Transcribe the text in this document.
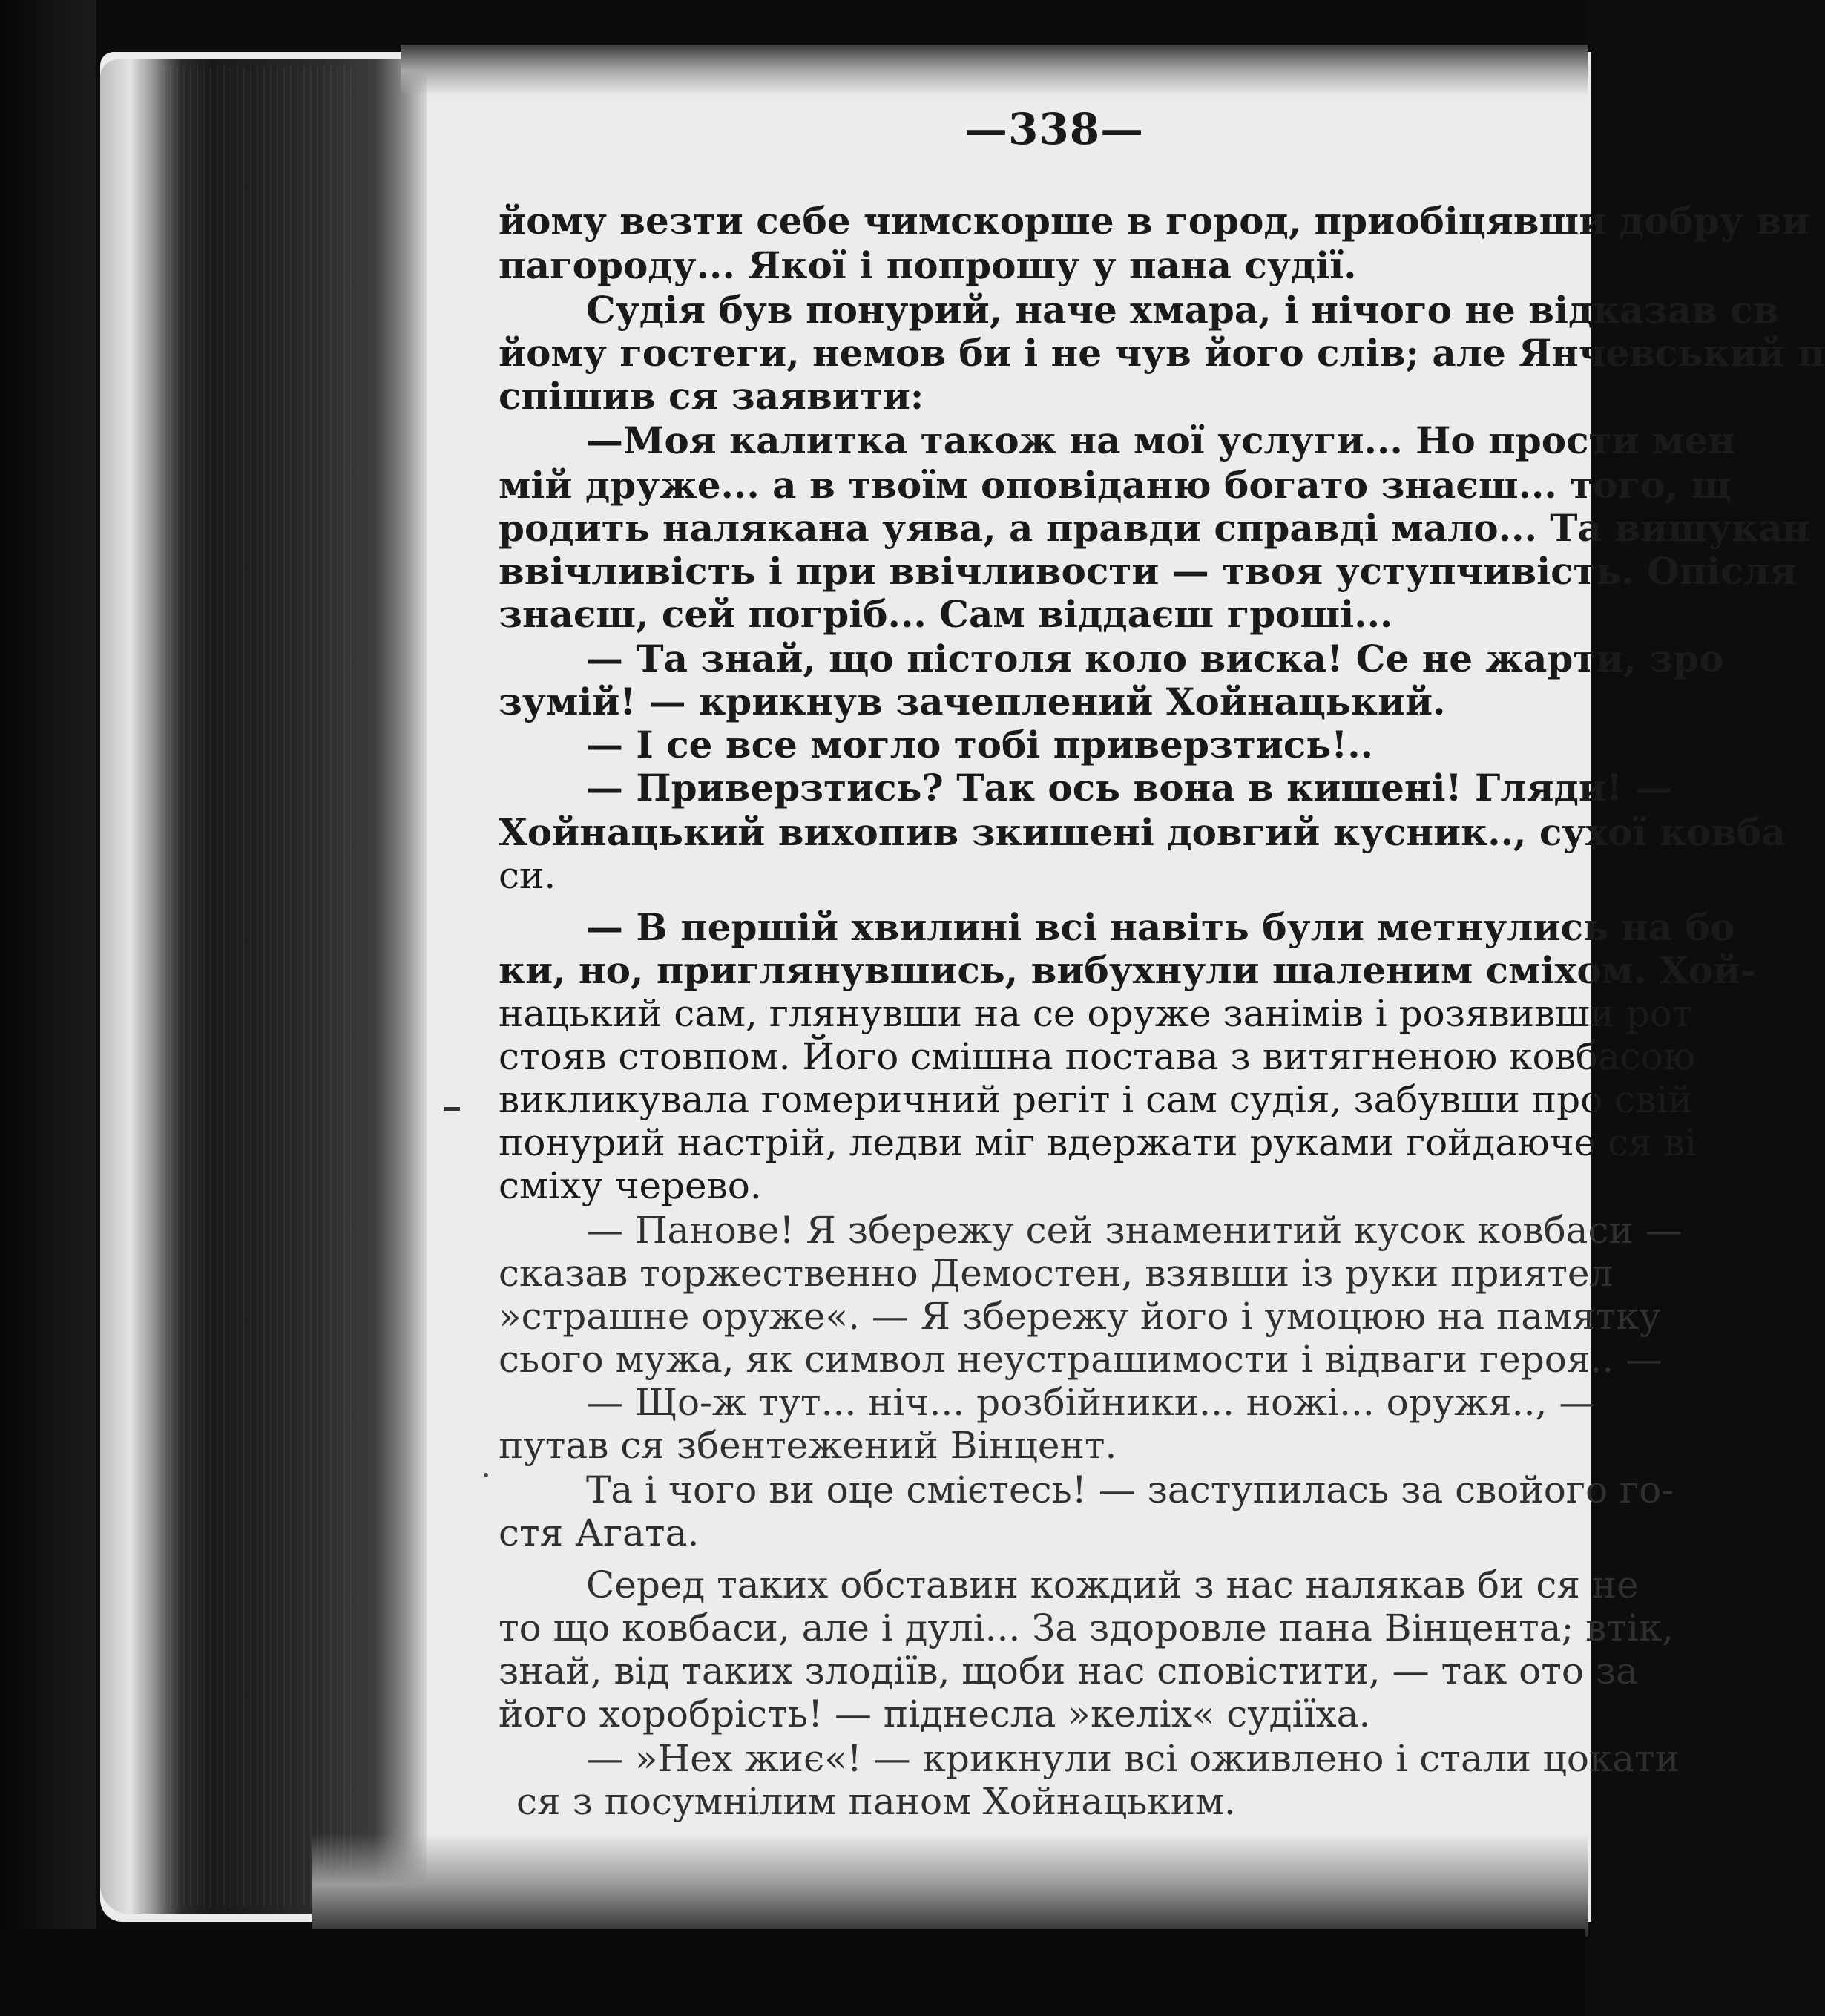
—338—
йому везти себе чимскорше в город, приобіцявши добру ви
пагороду... Якої і попрошу у пана судії.
Судія був понурий, наче хмара, і нічого не відказав св
йому гостеги, немов би і не чув його слів; але Янчевський п
спішив ся заявити:
—Моя калитка також на мої услуги... Но прости мен
мій друже... а в твоїм оповіданю богато знаєш... того, щ
родить налякана уява, а правди справді мало... Та вишукан
ввічливість і при ввічливости — твоя уступчивість. Опісля
знаєш, сей погріб... Сам віддаєш гроші...
— Та знай, що пістоля коло виска! Се не жарти, зро
зумій! — крикнув зачеплений Хойнацький.
— І се все могло тобі приверзтись!..
— Приверзтись? Так ось вона в кишені! Гляди! —
Хойнацький вихопив зкишені довгий кусник.., сухої ковба
си.
— В першій хвилині всі навіть були метнулись на бо
ки, но, приглянувшись, вибухнули шаленим сміхом. Хой-
нацький сам, глянувши на се оруже занімів і розявивши рот
стояв стовпом. Його смішна постава з витягненою ковбасою
викликувала гомеричний регіт і сам судія, забувши про свій
понурий настрій, ледви міг вдержати руками гойдаюче ся ві
сміху черево.
— Панове! Я збережу сей знаменитий кусок ковбаси —
сказав торжественно Демостен, взявши із руки приятел
»страшне оруже«. — Я збережу його і умоцюю на памятку
сього мужа, як символ неустрашимости і відваги героя.. —
— Що-ж тут... ніч... розбійники... ножі... оружя.., —
путав ся збентежений Вінцент.
Та і чого ви оце смієтесь! — заступилась за свойого го-
стя Агата.
Серед таких обставин кождий з нас налякав би ся не
то що ковбаси, але і дулі... За здоровле пана Вінцента; втік,
знай, від таких злодіїв, щоби нас сповістити, — так ото за
його хоробрість! — піднесла »келіх« судіїха.
— »Нех жиє«! — крикнули всі оживлено і стали цокати
ся з посумнілим паном Хойнацьким.
